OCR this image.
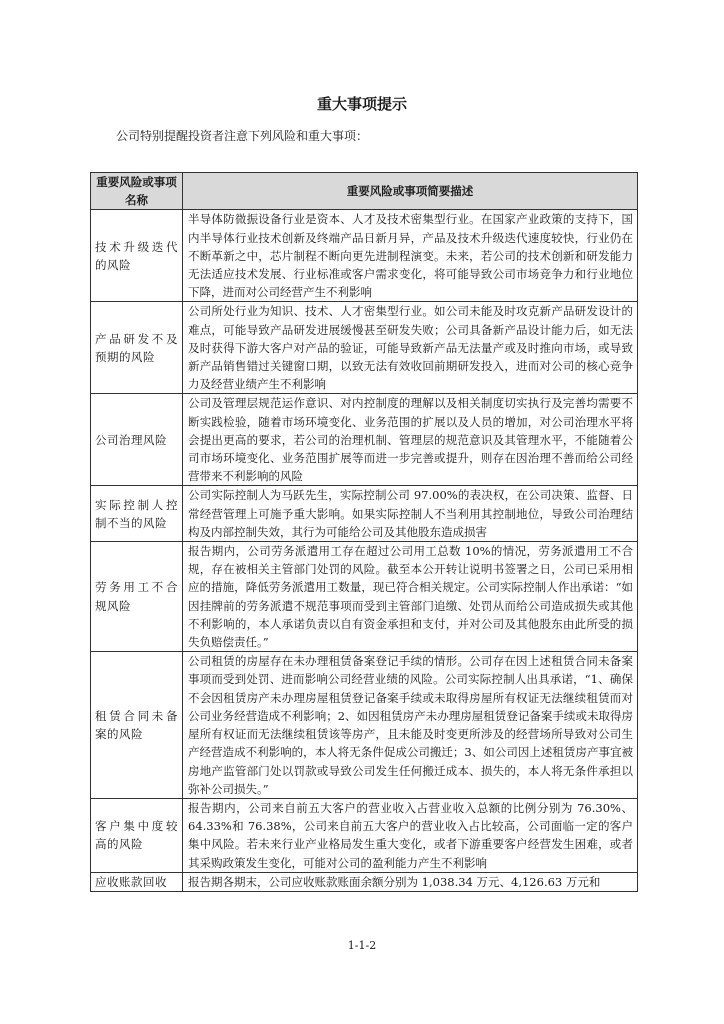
重大事项提示
公司特别提醒投资者注意下列风险和重大事项：
重要风险或事项名称	重要风险或事项简要描述
技术升级迭代的风险	半导体防微振设备行业是资本、人才及技术密集型行业。在国家产业政策的支持下，国内半导体行业技术创新及终端产品日新月异，产品及技术升级迭代速度较快，行业仍在不断革新之中，芯片制程不断向更先进制程演变。未来，若公司的技术创新和研发能力无法适应技术发展、行业标准或客户需求变化，将可能导致公司市场竞争力和行业地位下降，进而对公司经营产生不利影响
产品研发不及预期的风险	公司所处行业为知识、技术、人才密集型行业。如公司未能及时攻克新产品研发设计的难点，可能导致产品研发进展缓慢甚至研发失败；公司具备新产品设计能力后，如无法及时获得下游大客户对产品的验证，可能导致新产品无法量产或及时推向市场，或导致新产品销售错过关键窗口期，以致无法有效收回前期研发投入，进而对公司的核心竞争力及经营业绩产生不利影响
公司治理风险	公司及管理层规范运作意识、对内控制度的理解以及相关制度切实执行及完善均需要不断实践检验，随着市场环境变化、业务范围的扩展以及人员的增加，对公司治理水平将会提出更高的要求，若公司的治理机制、管理层的规范意识及其管理水平，不能随着公司市场环境变化、业务范围扩展等而进一步完善或提升，则存在因治理不善而给公司经营带来不利影响的风险
实际控制人控制不当的风险	公司实际控制人为马跃先生，实际控制公司 97.00%的表决权，在公司决策、监督、日常经营管理上可施予重大影响。如果实际控制人不当利用其控制地位，导致公司治理结构及内部控制失效，其行为可能给公司及其他股东造成损害
劳务用工不合规风险	报告期内，公司劳务派遣用工存在超过公司用工总数 10%的情况，劳务派遣用工不合规，存在被相关主管部门处罚的风险。截至本公开转让说明书签署之日，公司已采用相应的措施，降低劳务派遣用工数量，现已符合相关规定。公司实际控制人作出承诺：“如因挂牌前的劳务派遣不规范事项而受到主管部门追缴、处罚从而给公司造成损失或其他不利影响的，本人承诺负责以自有资金承担和支付，并对公司及其他股东由此所受的损失负赔偿责任。”
租赁合同未备案的风险	公司租赁的房屋存在未办理租赁备案登记手续的情形。公司存在因上述租赁合同未备案事项而受到处罚、进而影响公司经营业绩的风险。公司实际控制人出具承诺，“1、确保不会因租赁房产未办理房屋租赁登记备案手续或未取得房屋所有权证无法继续租赁而对公司业务经营造成不利影响；2、如因租赁房产未办理房屋租赁登记备案手续或未取得房屋所有权证而无法继续租赁该等房产，且未能及时变更所涉及的经营场所导致对公司生产经营造成不利影响的，本人将无条件促成公司搬迁；3、如公司因上述租赁房产事宜被房地产监管部门处以罚款或导致公司发生任何搬迁成本、损失的，本人将无条件承担以弥补公司损失。”
客户集中度较高的风险	报告期内，公司来自前五大客户的营业收入占营业收入总额的比例分别为 76.30%、64.33%和 76.38%，公司来自前五大客户的营业收入占比较高，公司面临一定的客户集中风险。若未来行业产业格局发生重大变化，或者下游重要客户经营发生困难，或者其采购政策发生变化，可能对公司的盈利能力产生不利影响
应收账款回收	报告期各期末，公司应收账款账面余额分别为 1,038.34 万元、4,126.63 万元和
1-1-2
